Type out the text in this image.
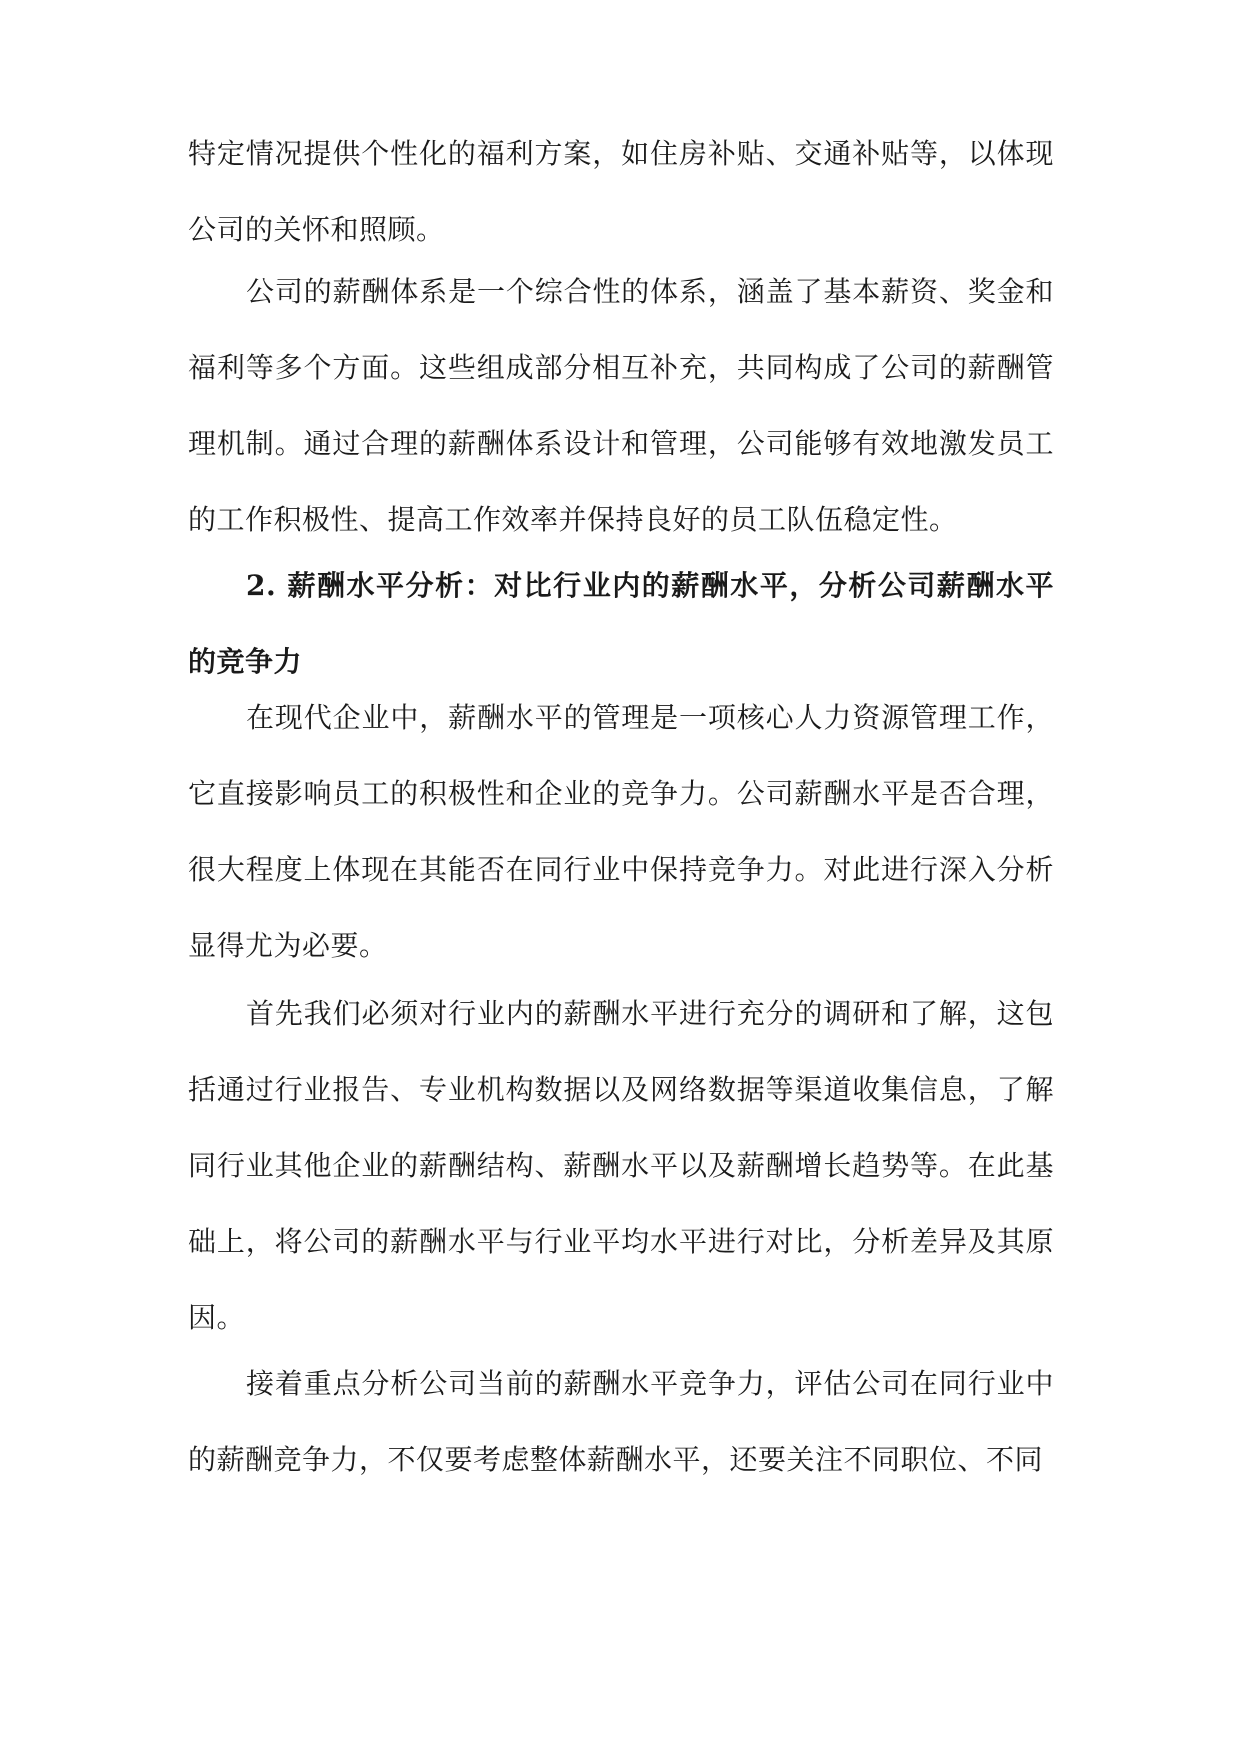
特定情况提供个性化的福利方案，如住房补贴、交通补贴等，以体现公司的关怀和照顾。

公司的薪酬体系是一个综合性的体系，涵盖了基本薪资、奖金和福利等多个方面。这些组成部分相互补充，共同构成了公司的薪酬管理机制。通过合理的薪酬体系设计和管理，公司能够有效地激发员工的工作积极性、提高工作效率并保持良好的员工队伍稳定性。

2. 薪酬水平分析：对比行业内的薪酬水平，分析公司薪酬水平的竞争力

在现代企业中，薪酬水平的管理是一项核心人力资源管理工作，它直接影响员工的积极性和企业的竞争力。公司薪酬水平是否合理，很大程度上体现在其能否在同行业中保持竞争力。对此进行深入分析显得尤为必要。

首先我们必须对行业内的薪酬水平进行充分的调研和了解，这包括通过行业报告、专业机构数据以及网络数据等渠道收集信息，了解同行业其他企业的薪酬结构、薪酬水平以及薪酬增长趋势等。在此基础上，将公司的薪酬水平与行业平均水平进行对比，分析差异及其原因。

接着重点分析公司当前的薪酬水平竞争力，评估公司在同行业中的薪酬竞争力，不仅要考虑整体薪酬水平，还要关注不同职位、不同
